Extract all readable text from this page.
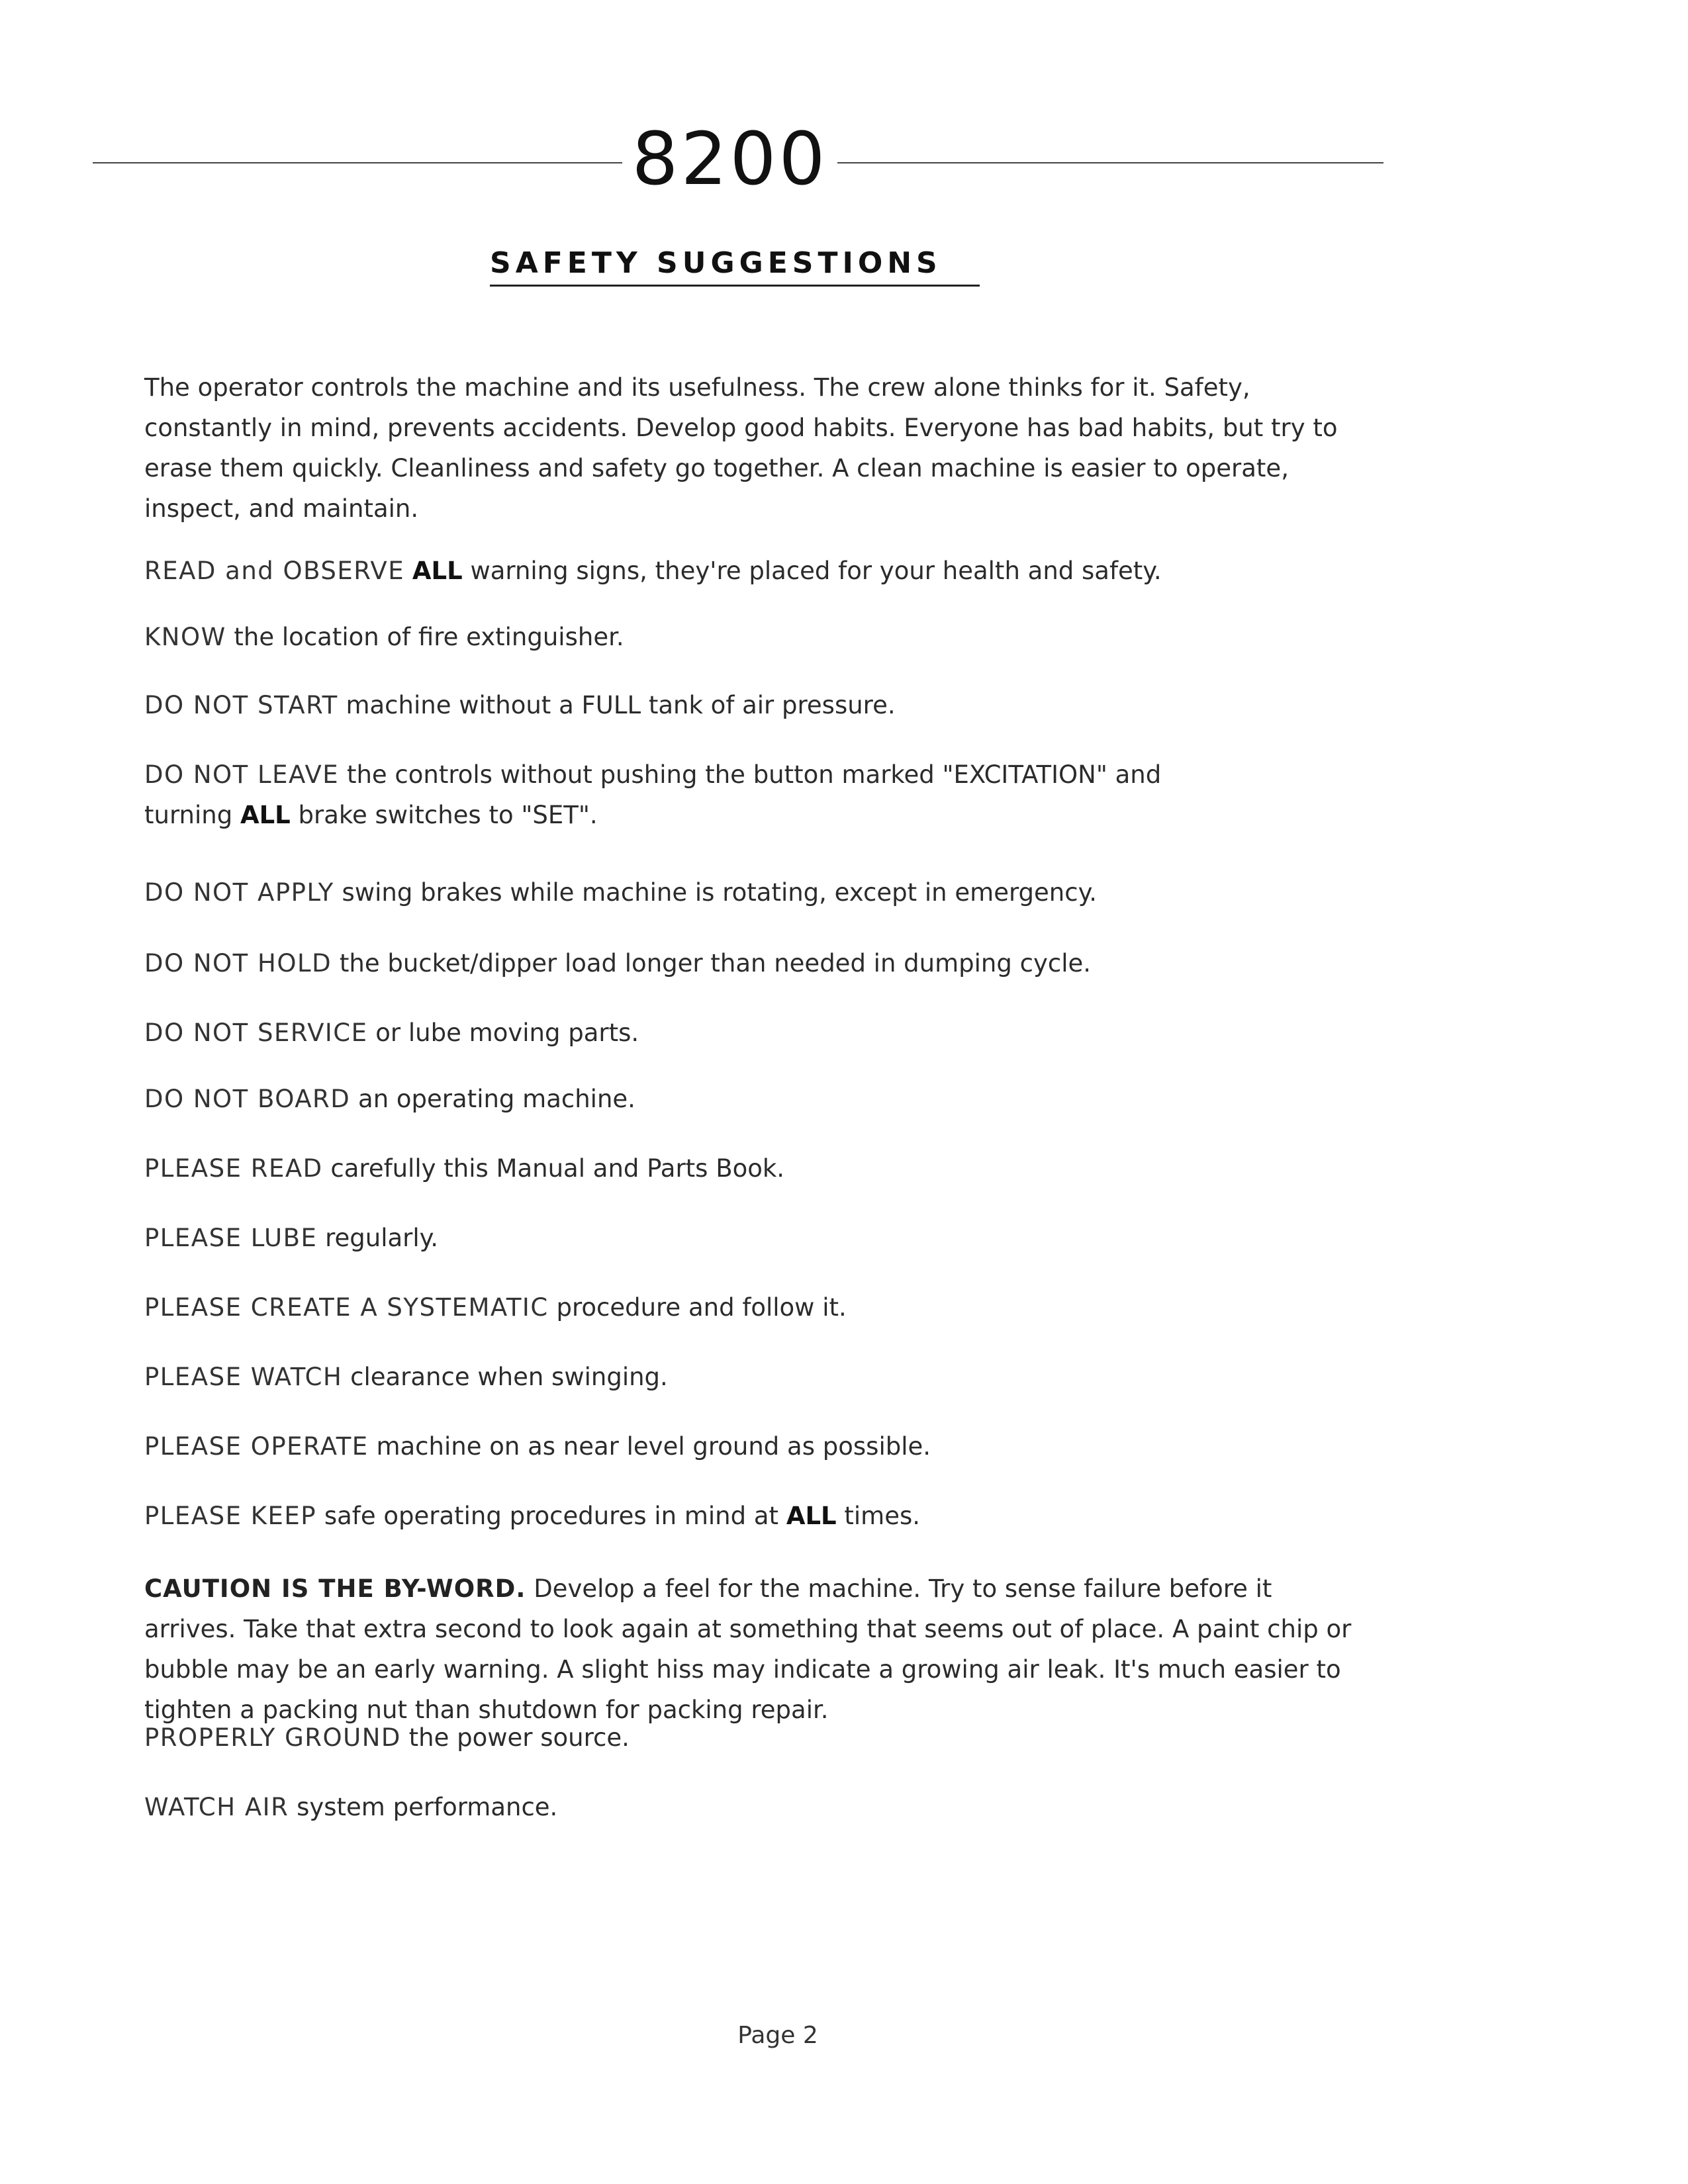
8200
SAFETY SUGGESTIONS
The operator controls the machine and its usefulness. The crew alone thinks for it. Safety, constantly in mind, prevents accidents. Develop good habits. Everyone has bad habits, but try to erase them quickly. Cleanliness and safety go together. A clean machine is easier to operate, inspect, and maintain.
READ and OBSERVE ALL warning signs, they're placed for your health and safety.
KNOW the location of fire extinguisher.
DO NOT START machine without a FULL tank of air pressure.
DO NOT LEAVE the controls without pushing the button marked "EXCITATION" and
turning ALL brake switches to "SET".
DO NOT APPLY swing brakes while machine is rotating, except in emergency.
DO NOT HOLD the bucket/dipper load longer than needed in dumping cycle.
DO NOT SERVICE or lube moving parts.
DO NOT BOARD an operating machine.
PLEASE READ carefully this Manual and Parts Book.
PLEASE LUBE regularly.
PLEASE CREATE A SYSTEMATIC procedure and follow it.
PLEASE WATCH clearance when swinging.
PLEASE OPERATE machine on as near level ground as possible.
PLEASE KEEP safe operating procedures in mind at ALL times.
CAUTION IS THE BY-WORD. Develop a feel for the machine. Try to sense failure before it arrives. Take that extra second to look again at something that seems out of place. A paint chip or bubble may be an early warning. A slight hiss may indicate a growing air leak. It's much easier to tighten a packing nut than shutdown for packing repair.
PROPERLY GROUND the power source.
WATCH AIR system performance.
Page 2
